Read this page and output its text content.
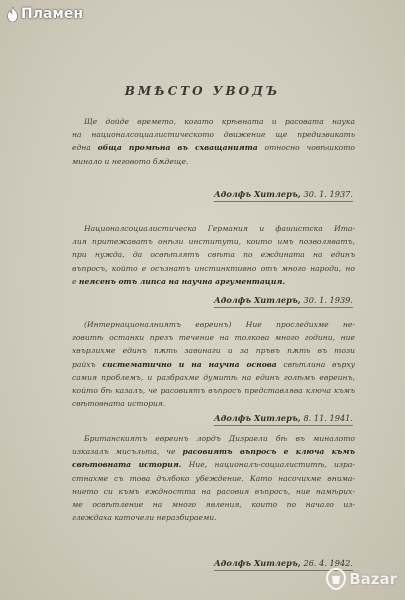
Пламен
ВМѢСТО УВОДЪ
Ще дойде времето, когато крѣвната и расовата наука
на националсоциалистическото движение ще предизвикать
една обща промѣна въ схващанията относно човѣшкото
минало и неговото бѫдеще.
Адолфъ Хитлеръ, 30. 1. 1937.
Националсоциалистическа Германия и фашистска Ита-
лия притежаватъ онѣзи институти, които имъ позволяватъ,
при нужда, да освѣтлятъ свѣта по еждината на единъ
въпросъ, който е осъзнатъ инстинктивно отъ много народи, но
е неясенъ отъ липса на научна аргументация.
Адолфъ Хитлеръ, 30. 1. 1939.
(Интернационалниятъ евреинъ) Ние проследихме не-
говитѣ останки презъ течение на толкова много години, ние
хвърлихме единъ пѫть завинаги и за пръвъ пѫть въ този
райхъ систематично и на научна основа свѣтлина върху
самия проблемъ, и разбрахме думитѣ на единъ голѣмъ евреинъ,
който бѣ казалъ, че расовиятъ въпросъ представлява ключа къмъ
свѣтовната история.
Адолфъ Хитлеръ, 8. 11. 1941.
Британскиятъ евреинъ лордъ Дизраели бѣ въ миналото
изказалъ мисъльта, че расовиятъ въпросъ е ключа къмъ
свѣтовната история. Ние, националъ-социалиститѣ, изра-
стнахме съ това дълбоко убеждение. Като насочихме внима-
нието си къмъ еждността на расовия въпросъ, ние намѣрих-
ме освѣтление на много явления, които по начало из-
глеждаха каточели неразбираеми.
Адолфъ Хитлеръ, 26. 4. 1942.
Bazar
